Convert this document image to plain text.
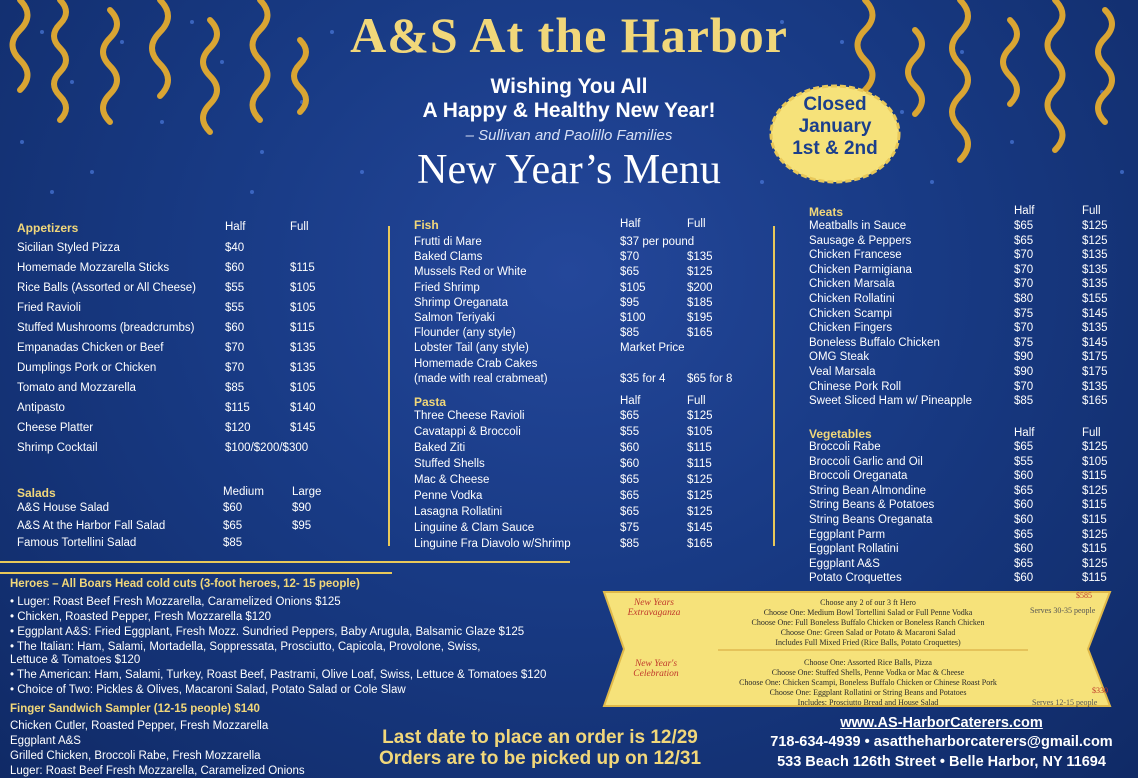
A&S At the Harbor
Wishing You All
A Happy & Healthy New Year!
– Sullivan and Paolillo Families
New Year’s Menu
Closed
January
1st & 2nd
Appetizers	Half	Full
Sicilian Styled Pizza	$40
Homemade Mozzarella Sticks	$60	$115
Rice Balls (Assorted or All Cheese)	$55	$105
Fried Ravioli	$55	$105
Stuffed Mushrooms (breadcrumbs)	$60	$115
Empanadas Chicken or Beef	$70	$135
Dumplings Pork or Chicken	$70	$135
Tomato and Mozzarella	$85	$105
Antipasto	$115	$140
Cheese Platter	$120	$145
Shrimp Cocktail	$100/$200/$300
Salads	Medium Large
A&S House Salad	$60	$90
A&S At the Harbor Fall Salad	$65	$95
Famous Tortellini Salad	$85
Fish	Half	Full
Frutti di Mare	$37 per pound
Baked Clams	$70	$135
Mussels Red or White	$65	$125
Fried Shrimp	$105	$200
Shrimp Oreganata	$95	$185
Salmon Teriyaki	$100	$195
Flounder (any style)	$85	$165
Lobster Tail (any style)	Market Price
Homemade Crab Cakes
(made with real crabmeat)	$35 for 4 $65 for 8
Pasta	Half	Full
Three Cheese Ravioli	$65	$125
Cavatappi & Broccoli	$55	$105
Baked Ziti	$60	$115
Stuffed Shells	$60	$115
Mac & Cheese	$65	$125
Penne Vodka	$65	$125
Lasagna Rollatini	$65	$125
Linguine & Clam Sauce	$75	$145
Linguine Fra Diavolo w/Shrimp	$85	$165
Meats	Half	Full
Meatballs in Sauce	$65	$125
Sausage & Peppers	$65	$125
Chicken Francese	$70	$135
Chicken Parmigiana	$70	$135
Chicken Marsala	$70	$135
Chicken Rollatini	$80	$155
Chicken Scampi	$75	$145
Chicken Fingers	$70	$135
Boneless Buffalo Chicken	$75	$145
OMG Steak	$90	$175
Veal Marsala	$90	$175
Chinese Pork Roll	$70	$135
Sweet Sliced Ham w/ Pineapple	$85	$165
Vegetables	Half	Full
Broccoli Rabe	$65	$125
Broccoli Garlic and Oil	$55	$105
Broccoli Oreganata	$60	$115
String Bean Almondine	$65	$125
String Beans & Potatoes	$60	$115
String Beans Oreganata	$60	$115
Eggplant Parm	$65	$125
Eggplant Rollatini	$60	$115
Eggplant A&S	$65	$125
Potato Croquettes	$60	$115
Heroes – All Boars Head cold cuts (3-foot heroes, 12- 15 people)
• Luger: Roast Beef Fresh Mozzarella, Caramelized Onions $125
• Chicken, Roasted Pepper, Fresh Mozzarella $120
• Eggplant A&S: Fried Eggplant, Fresh Mozz. Sundried Peppers, Baby Arugula, Balsamic Glaze $125
• The Italian: Ham, Salami, Mortadella, Soppressata, Prosciutto, Capicola, Provolone, Swiss,
Lettuce & Tomatoes $120
• The American: Ham, Salami, Turkey, Roast Beef, Pastrami, Olive Loaf, Swiss, Lettuce & Tomatoes $120
• Choice of Two: Pickles & Olives, Macaroni Salad, Potato Salad or Cole Slaw
Finger Sandwich Sampler (12-15 people) $140
Chicken Cutler, Roasted Pepper, Fresh Mozzarella
Eggplant A&S
Grilled Chicken, Broccoli Rabe, Fresh Mozzarella
Luger: Roast Beef Fresh Mozzarella, Caramelized Onions
New Years Extravaganza
Choose any 2 of our 3 ft Hero
Choose One: Medium Bowl Tortellini Salad or Full Penne Vodka
Choose One: Full Boneless Buffalo Chicken or Boneless Ranch Chicken
Choose One: Green Salad or Potato & Macaroni Salad
Includes Full Mixed Fried (Rice Balls, Potato Croquettes)
$585
Serves 30-35 people
New Year's Celebration
Choose One: Assorted Rice Balls, Pizza
Choose One: Stuffed Shells, Penne Vodka or Mac & Cheese
Choose One: Chicken Scampi, Boneless Buffalo Chicken or Chinese Roast Pork
Choose One: Eggplant Rollatini or String Beans and Potatoes
Includes: Prosciutto Bread and House Salad
$330
Serves 12-15 people
Last date to place an order is 12/29
Orders are to be picked up on 12/31
www.AS-HarborCaterers.com
718-634-4939 • asattheharborcaterers@gmail.com
533 Beach 126th Street • Belle Harbor, NY 11694
